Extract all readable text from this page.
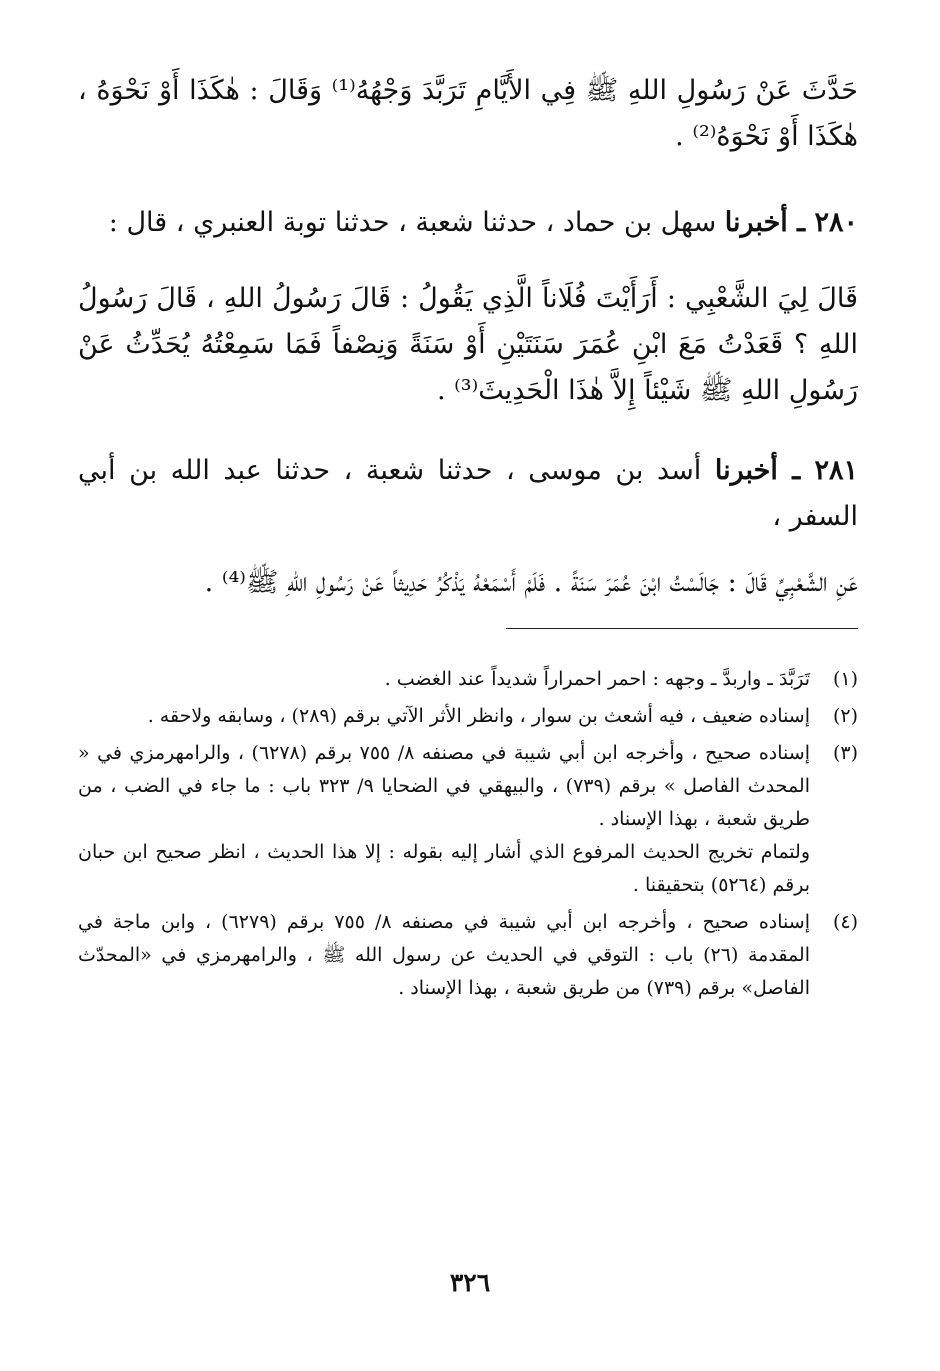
حَدَّثَ عَنْ رَسُولِ اللهِ ﷺ فِي الأَيَّامِ تَرَبَّدَ وَجْهُهُ⁽¹⁾ وَقَالَ : هٰكَذَا أَوْ نَحْوَهُ ، هٰكَذَا أَوْ نَحْوَهُ⁽²⁾ .

٢٨٠ ـ أخبرنا سهل بن حماد ، حدثنا شعبة ، حدثنا توبة العنبري ، قال :

قَالَ لِيَ الشَّعْبِي : أَرَأَيْتَ فُلَاناً الَّذِي يَقُولُ : قَالَ رَسُولُ اللهِ ، قَالَ رَسُولُ اللهِ ؟ قَعَدْتُ مَعَ ابْنِ عُمَرَ سَنَتَيْنِ أَوْ سَنَةً وَنِصْفاً فَمَا سَمِعْتُهُ يُحَدِّثُ عَنْ رَسُولِ اللهِ ﷺ شَيْئاً إِلاَّ هٰذَا الْحَدِيثَ⁽³⁾ .

٢٨١ ـ أخبرنا أسد بن موسى ، حدثنا شعبة ، حدثنا عبد الله بن أبي السفر ،

عَنِ الشَّعْبِيِّ قَالَ : جَالَسْتُ ابْنَ عُمَرَ سَنَةً . فَلَمْ أَسْمَعْهُ يَذْكُرُ حَدِيثاً عَنْ رَسُولِ اللهِ ﷺ⁽⁴⁾ .

(١)

تَرَبَّدَ ـ واربدَّ ـ وجهه : احمر احمراراً شديداً عند الغضب .

(٢)

إسناده ضعيف ، فيه أشعث بن سوار ، وانظر الأثر الآتي برقم (٢٨٩) ، وسابقه ولاحقه .

(٣)

إسناده صحيح ، وأخرجه ابن أبي شيبة في مصنفه ٨/ ٧٥٥ برقم (٦٢٧٨) ، والرامهرمزي في « المحدث الفاصل » برقم (٧٣٩) ، والبيهقي في الضحايا ٩/ ٣٢٣ باب : ما جاء في الضب ، من طريق شعبة ، بهذا الإسناد .

ولتمام تخريج الحديث المرفوع الذي أشار إليه بقوله : إلا هذا الحديث ، انظر صحيح ابن حبان برقم (٥٢٦٤) بتحقيقنا .

(٤)

إسناده صحيح ، وأخرجه ابن أبي شيبة في مصنفه ٨/ ٧٥٥ برقم (٦٢٧٩) ، وابن ماجة في المقدمة (٢٦) باب : التوقي في الحديث عن رسول الله ﷺ ، والرامهرمزي في «المحدّث الفاصل» برقم (٧٣٩) من طريق شعبة ، بهذا الإسناد .

٣٢٦
